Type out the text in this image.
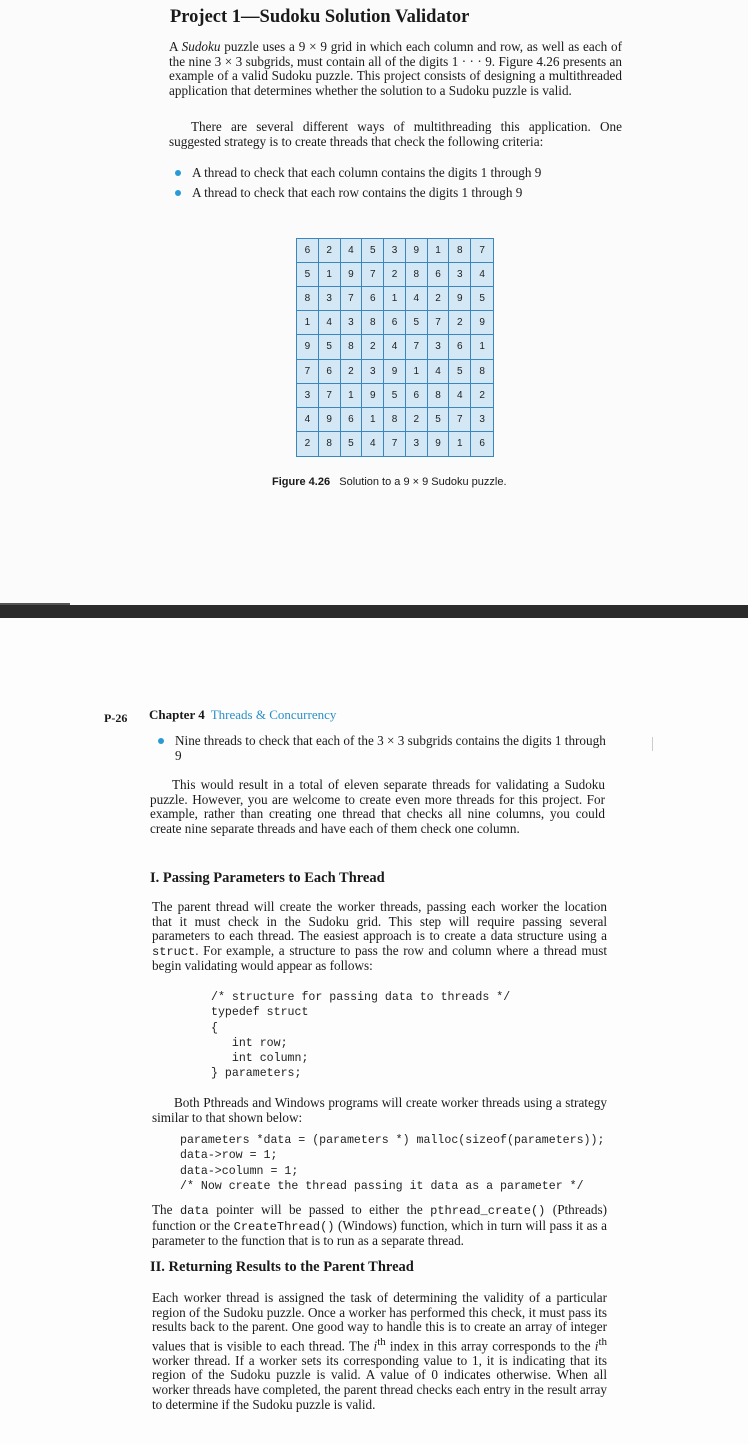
Project 1—Sudoku Solution Validator

A Sudoku puzzle uses a 9 × 9 grid in which each column and row, as well as each of the nine 3 × 3 subgrids, must contain all of the digits 1 · · · 9. Figure 4.26 presents an example of a valid Sudoku puzzle. This project consists of designing a multithreaded application that determines whether the solution to a Sudoku puzzle is valid.

There are several different ways of multithreading this application. One suggested strategy is to create threads that check the following criteria:

A thread to check that each column contains the digits 1 through 9
A thread to check that each row contains the digits 1 through 9
6	2	4	5	3	9	1	8	7
5	1	9	7	2	8	6	3	4
8	3	7	6	1	4	2	9	5
1	4	3	8	6	5	7	2	9
9	5	8	2	4	7	3	6	1
7	6	2	3	9	1	4	5	8
3	7	1	9	5	6	8	4	2
4	9	6	1	8	2	5	7	3
2	8	5	4	7	3	9	1	6

Figure 4.26 Solution to a 9 × 9 Sudoku puzzle.

P-26 Chapter 4 Threads & Concurrency

Nine threads to check that each of the 3 × 3 subgrids contains the digits 1 through 9

This would result in a total of eleven separate threads for validating a Sudoku puzzle. However, you are welcome to create even more threads for this project. For example, rather than creating one thread that checks all nine columns, you could create nine separate threads and have each of them check one column.

I. Passing Parameters to Each Thread

The parent thread will create the worker threads, passing each worker the location that it must check in the Sudoku grid. This step will require passing several parameters to each thread. The easiest approach is to create a data structure using a struct. For example, a structure to pass the row and column where a thread must begin validating would appear as follows:

/* structure for passing data to threads */
typedef struct
{
int row;
int column;
} parameters;

Both Pthreads and Windows programs will create worker threads using a strategy similar to that shown below:

parameters *data = (parameters *) malloc(sizeof(parameters));
data->row = 1;
data->column = 1;
/* Now create the thread passing it data as a parameter */

The data pointer will be passed to either the pthread_create() (Pthreads) function or the CreateThread() (Windows) function, which in turn will pass it as a parameter to the function that is to run as a separate thread.

II. Returning Results to the Parent Thread

Each worker thread is assigned the task of determining the validity of a particular region of the Sudoku puzzle. Once a worker has performed this check, it must pass its results back to the parent. One good way to handle this is to create an array of integer values that is visible to each thread. The $i^{th}$ index in this array corresponds to the $i^{th}$ worker thread. If a worker sets its corresponding value to 1, it is indicating that its region of the Sudoku puzzle is valid. A value of 0 indicates otherwise. When all worker threads have completed, the parent thread checks each entry in the result array to determine if the Sudoku puzzle is valid.
